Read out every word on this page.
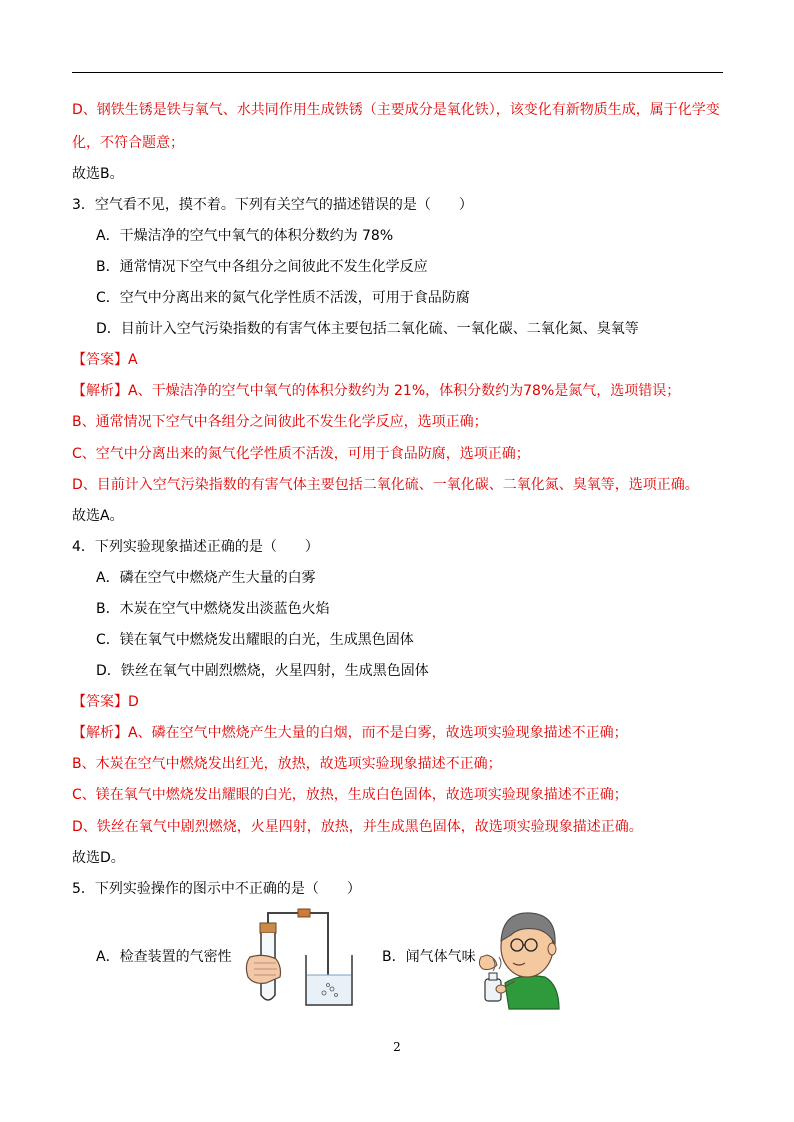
D、钢铁生锈是铁与氧气、水共同作用生成铁锈（主要成分是氧化铁），该变化有新物质生成，属于化学变
化，不符合题意；
故选B。
3．空气看不见，摸不着。下列有关空气的描述错误的是（　　）
A．干燥洁净的空气中氧气的体积分数约为 78%
B．通常情况下空气中各组分之间彼此不发生化学反应
C．空气中分离出来的氮气化学性质不活泼，可用于食品防腐
D．目前计入空气污染指数的有害气体主要包括二氧化硫、一氧化碳、二氧化氮、臭氧等
【答案】A
【解析】A、干燥洁净的空气中氧气的体积分数约为 21%，体积分数约为78%是氮气，选项错误；
B、通常情况下空气中各组分之间彼此不发生化学反应，选项正确；
C、空气中分离出来的氮气化学性质不活泼，可用于食品防腐，选项正确；
D、目前计入空气污染指数的有害气体主要包括二氧化硫、一氧化碳、二氧化氮、臭氧等，选项正确。
故选A。
4．下列实验现象描述正确的是（　　）
A．磷在空气中燃烧产生大量的白雾
B．木炭在空气中燃烧发出淡蓝色火焰
C．镁在氧气中燃烧发出耀眼的白光，生成黑色固体
D．铁丝在氧气中剧烈燃烧，火星四射，生成黑色固体
【答案】D
【解析】A、磷在空气中燃烧产生大量的白烟，而不是白雾，故选项实验现象描述不正确；
B、木炭在空气中燃烧发出红光，放热，故选项实验现象描述不正确；
C、镁在氧气中燃烧发出耀眼的白光，放热，生成白色固体，故选项实验现象描述不正确；
D、铁丝在氧气中剧烈燃烧，火星四射，放热，并生成黑色固体，故选项实验现象描述正确。
故选D。
5．下列实验操作的图示中不正确的是（　　）
A．检查装置的气密性	B．闻气体气味
2
